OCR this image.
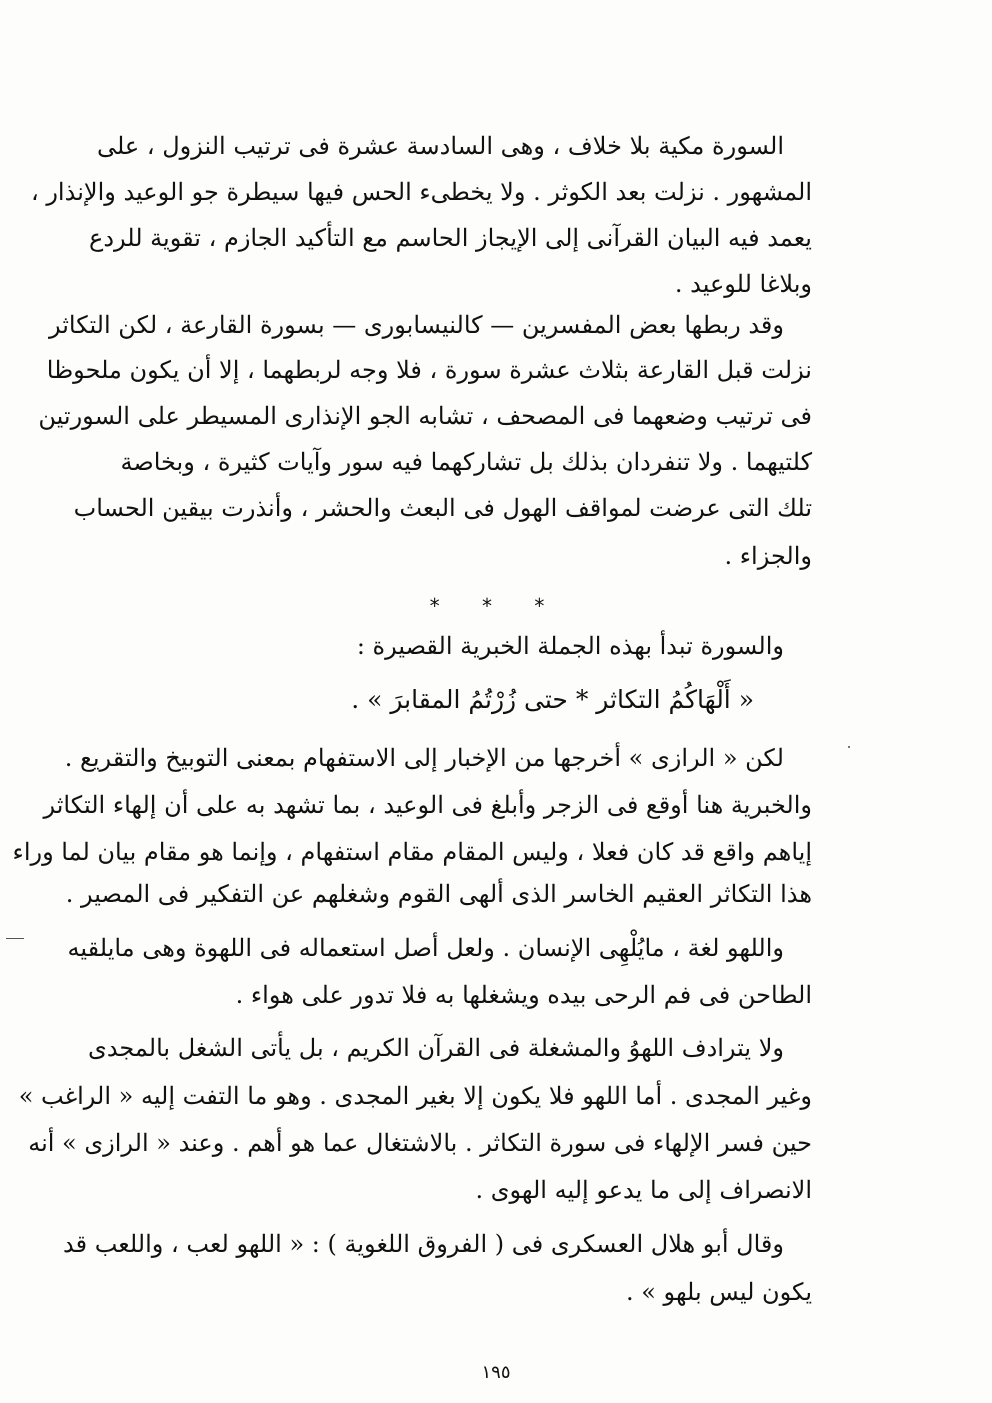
السورة مكية بلا خلاف ، وهى السادسة عشرة فى ترتيب النزول ، على
المشهور . نزلت بعد الكوثر . ولا يخطىء الحس فيها سيطرة جو الوعيد والإنذار ،
يعمد فيه البيان القرآنى إلى الإيجاز الحاسم مع التأكيد الجازم ، تقوية للردع
وبلاغا للوعيد .
وقد ربطها بعض المفسرين — كالنيسابورى — بسورة القارعة ، لكن التكاثر
نزلت قبل القارعة بثلاث عشرة سورة ، فلا وجه لربطهما ، إلا أن يكون ملحوظا
فى ترتيب وضعهما فى المصحف ، تشابه الجو الإنذارى المسيطر على السورتين
كلتيهما . ولا تنفردان بذلك بل تشاركهما فيه سور وآيات كثيرة ، وبخاصة
تلك التى عرضت لمواقف الهول فى البعث والحشر ، وأنذرت بيقين الحساب
والجزاء .
* * *
والسورة تبدأ بهذه الجملة الخبرية القصيرة :
« أَلْهَاكُمُ التكاثر * حتى زُرْتُمُ المقابرَ » .
لكن « الرازى » أخرجها من الإخبار إلى الاستفهام بمعنى التوبيخ والتقريع .
والخبرية هنا أوقع فى الزجر وأبلغ فى الوعيد ، بما تشهد به على أن إلهاء التكاثر
إياهم واقع قد كان فعلا ، وليس المقام مقام استفهام ، وإنما هو مقام بيان لما وراء
هذا التكاثر العقيم الخاسر الذى ألهى القوم وشغلهم عن التفكير فى المصير .
واللهو لغة ، مايُلْهِى الإنسان . ولعل أصل استعماله فى اللهوة وهى مايلقيه
الطاحن فى فم الرحى بيده ويشغلها به فلا تدور على هواء .
ولا يترادف اللهوُ والمشغلة فى القرآن الكريم ، بل يأتى الشغل بالمجدى
وغير المجدى . أما اللهو فلا يكون إلا بغير المجدى . وهو ما التفت إليه « الراغب »
حين فسر الإلهاء فى سورة التكاثر . بالاشتغال عما هو أهم . وعند « الرازى » أنه
الانصراف إلى ما يدعو إليه الهوى .
وقال أبو هلال العسكرى فى ( الفروق اللغوية ) : « اللهو لعب ، واللعب قد
يكون ليس بلهو » .
١٩٥
